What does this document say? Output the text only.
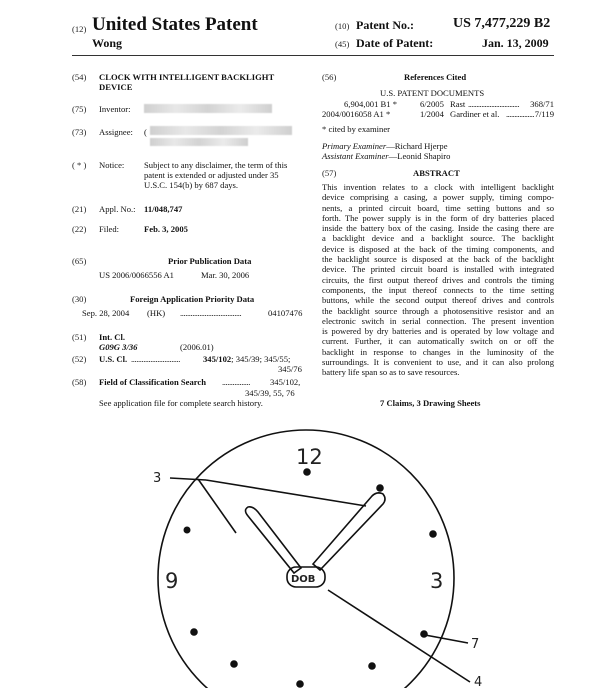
(12) United States Patent
Wong
(10) Patent No.:	US 7,477,229 B2
(45) Date of Patent:	Jan. 13, 2009
(54) CLOCK WITH INTELLIGENT BACKLIGHT
DEVICE
(75) Inventor:
(73) Assignee: (
( * ) Notice: Subject to any disclaimer, the term of this
patent is extended or adjusted under 35
U.S.C. 154(b) by 687 days.
(21) Appl. No.: 11/048,747
(22) Filed:	Feb. 3, 2005
(65)	Prior Publication Data
US 2006/0066556 A1	Mar. 30, 2006
(30)	Foreign Application Priority Data
Sep. 28, 2004 (HK) ...................................	04107476
(51) Int. Cl.
G09G 3/36	(2006.01)
(52) U.S. Cl. ............................	345/102; 345/39; 345/55;
345/76
(58) Field of Classification Search ................ 345/102,
345/39, 55, 76
See application file for complete search history.
(56)	References Cited
U.S. PATENT DOCUMENTS
6,904,001 B1 *	6/2005 Rast ............................... 368/71
2004/0016058 A1 *	1/2004 Gardiner et al. ................. 7/119
* cited by examiner
Primary Examiner—Richard Hjerpe
Assistant Examiner—Leonid Shapiro
(57)	ABSTRACT
This invention relates to a clock with intelligent backlight
device comprising a casing, a power supply, timing compo-
nents, a printed circuit board, time setting buttons and so
forth. The power supply is in the form of dry batteries placed
inside the battery box of the casing. Inside the casing there are
a backlight device and a backlight source. The backlight
device is disposed at the back of the timing components, and
the backlight source is disposed at the back of the backlight
device. The printed circuit board is installed with integrated
circuits, the first output thereof drives and controls the timing
components, the input thereof connects to the time setting
buttons, while the second output thereof drives and controls
the backlight source through a photosensitive resistor and an
electronic switch in serial connection. The present invention
is powered by dry batteries and is operated by low voltage and
current. Further, it can automatically switch on or off the
backlight in response to changes in the luminosity of the
surroundings. It is convenient to use, and it can also prolong
battery life span so as to save resources.
7 Claims, 3 Drawing Sheets
12
9	3
DOB
3
7
4
